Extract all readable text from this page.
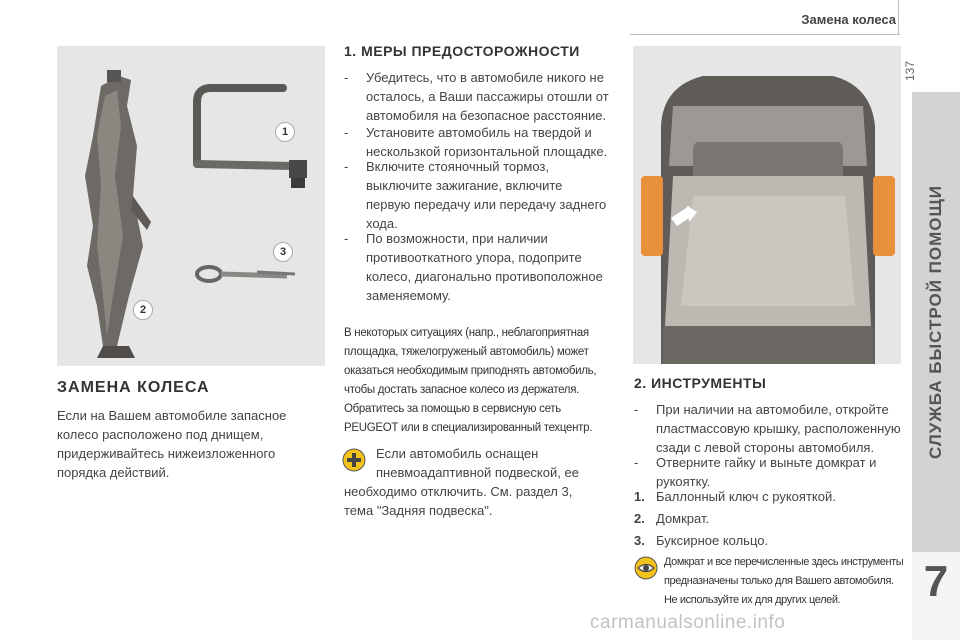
Замена колеса
137
СЛУЖБА БЫСТРОЙ ПОМОЩИ
7
1
2
3
ЗАМЕНА КОЛЕСА
Если на Вашем автомобиле запасное
колесо расположено под днищем,
придерживайтесь нижеизложенного
порядка действий.
1. МЕРЫ ПРЕДОСТОРОЖНОСТИ
- Убедитесь, что в автомобиле никого не
осталось, а Ваши пассажиры отошли от
автомобиля на безопасное расстояние.
- Установите автомобиль на твердой и
нескользкой горизонтальной площадке.
- Включите стояночный тормоз,
выключите зажигание, включите
первую передачу или передачу заднего
хода.
- По возможности, при наличии
противооткатного упора, подоприте
колесо, диагонально противоположное
заменяемому.
В некоторых ситуациях (напр., неблагоприятная
площадка, тяжелогруженый автомобиль) может
оказаться необходимым приподнять автомобиль,
чтобы достать запасное колесо из держателя.
Обратитесь за помощью в сервисную сеть
PEUGEOT или в специализированный техцентр.
Если автомобиль оснащен
пневмоадаптивной подвеской, ее
необходимо отключить. См. раздел 3,
тема "Задняя подвеска".
2. ИНСТРУМЕНТЫ
- При наличии на автомобиле, откройте
пластмассовую крышку, расположенную
сзади с левой стороны автомобиля.
- Отверните гайку и выньте домкрат и
рукоятку.
1. Баллонный ключ с рукояткой.
2. Домкрат.
3. Буксирное кольцо.
Домкрат и все перечисленные здесь инструменты
предназначены только для Вашего автомобиля.
Не используйте их для других целей.
carmanualsonline.info
